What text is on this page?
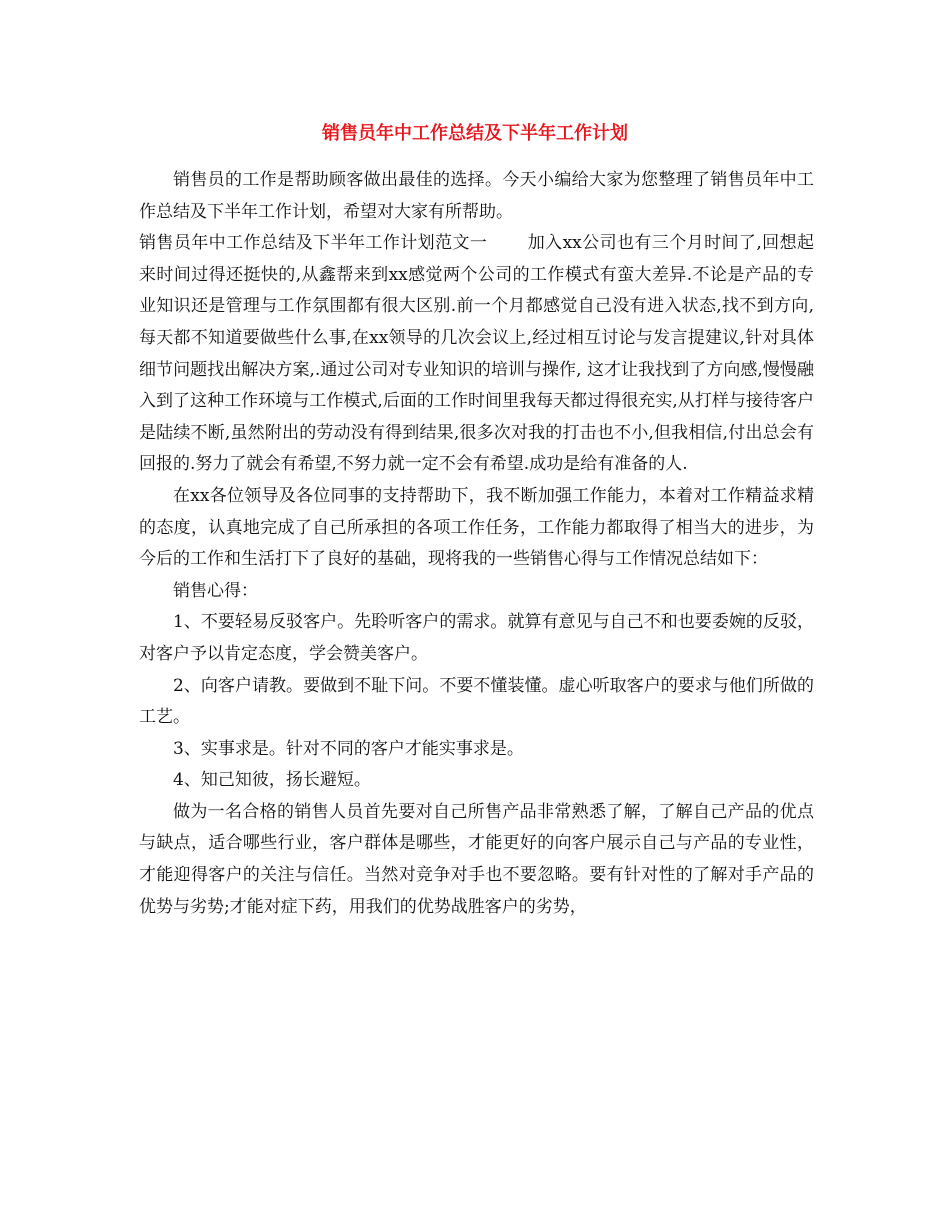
销售员年中工作总结及下半年工作计划

销售员的工作是帮助顾客做出最佳的选择。今天小编给大家为您整理了销售员年中工作总结及下半年工作计划，希望对大家有所帮助。

销售员年中工作总结及下半年工作计划范文一 加入xx公司也有三个月时间了,回想起来时间过得还挺快的,从鑫帮来到xx感觉两个公司的工作模式有蛮大差异.不论是产品的专业知识还是管理与工作氛围都有很大区别.前一个月都感觉自己没有进入状态,找不到方向,每天都不知道要做些什么事,在xx领导的几次会议上,经过相互讨论与发言提建议,针对具体细节问题找出解决方案,.通过公司对专业知识的培训与操作, 这才让我找到了方向感,慢慢融入到了这种工作环境与工作模式,后面的工作时间里我每天都过得很充实,从打样与接待客户是陆续不断,虽然附出的劳动没有得到结果,很多次对我的打击也不小,但我相信,付出总会有回报的.努力了就会有希望,不努力就一定不会有希望.成功是给有准备的人.

在xx各位领导及各位同事的支持帮助下，我不断加强工作能力，本着对工作精益求精的态度，认真地完成了自己所承担的各项工作任务，工作能力都取得了相当大的进步，为今后的工作和生活打下了良好的基础，现将我的一些销售心得与工作情况总结如下：

销售心得：

1、不要轻易反驳客户。先聆听客户的需求。就算有意见与自己不和也要委婉的反驳，对客户予以肯定态度，学会赞美客户。

2、向客户请教。要做到不耻下问。不要不懂装懂。虚心听取客户的要求与他们所做的工艺。

3、实事求是。针对不同的客户才能实事求是。

4、知己知彼，扬长避短。

做为一名合格的销售人员首先要对自己所售产品非常熟悉了解，了解自己产品的优点与缺点，适合哪些行业，客户群体是哪些，才能更好的向客户展示自己与产品的专业性，才能迎得客户的关注与信任。当然对竞争对手也不要忽略。要有针对性的了解对手产品的优势与劣势;才能对症下药，用我们的优势战胜客户的劣势，
